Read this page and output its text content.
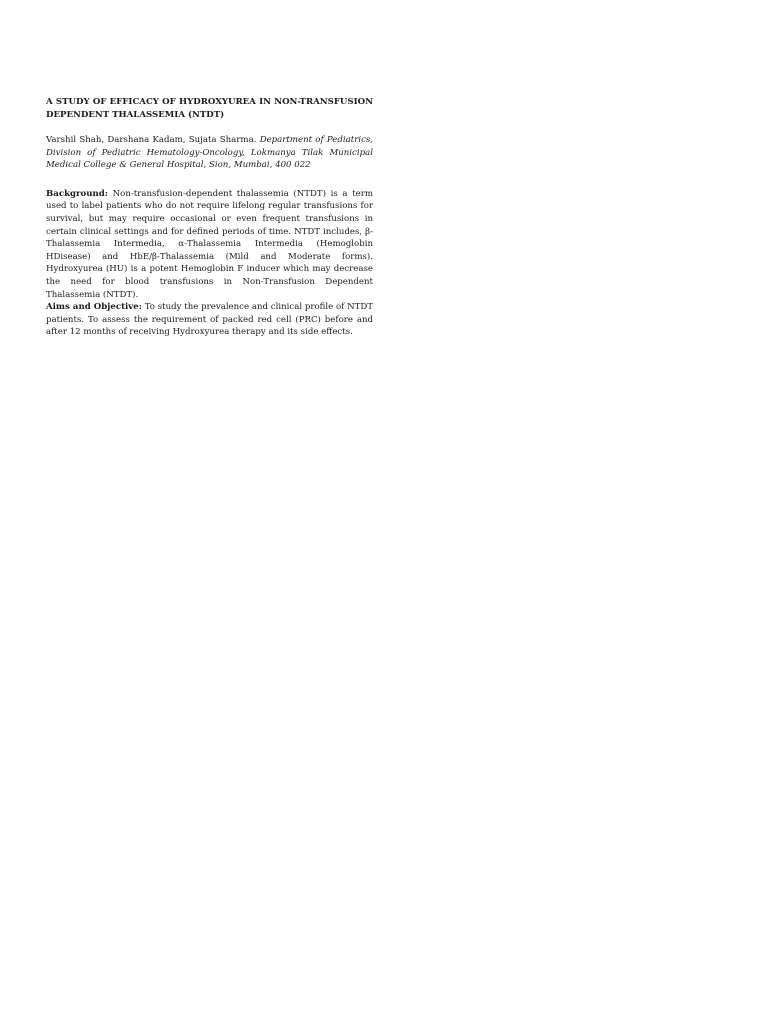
A STUDY OF EFFICACY OF HYDROXYUREA IN NON-TRANSFUSION DEPENDENT THALASSEMIA (NTDT)

Varshil Shah, Darshana Kadam, Sujata Sharma. Department of Pediatrics, Division of Pediatric Hematology-Oncology, Lokmanya Tilak Municipal Medical College & General Hospital, Sion, Mumbai, 400 022

Background: Non-transfusion-dependent thalassemia (NTDT) is a term used to label patients who do not require lifelong regular transfusions for survival, but may require occasional or even frequent transfusions in certain clinical settings and for defined periods of time. NTDT includes, β-Thalassemia Intermedia, α-Thalassemia Intermedia (Hemoglobin HDisease) and HbE/β-Thalassemia (Mild and Moderate forms). Hydroxyurea (HU) is a potent Hemoglobin F inducer which may decrease the need for blood transfusions in Non-Transfusion Dependent Thalassemia (NTDT).

Aims and Objective: To study the prevalence and clinical profile of NTDT patients. To assess the requirement of packed red cell (PRC) before and after 12 months of receiving Hydroxyurea therapy and its side effects.
